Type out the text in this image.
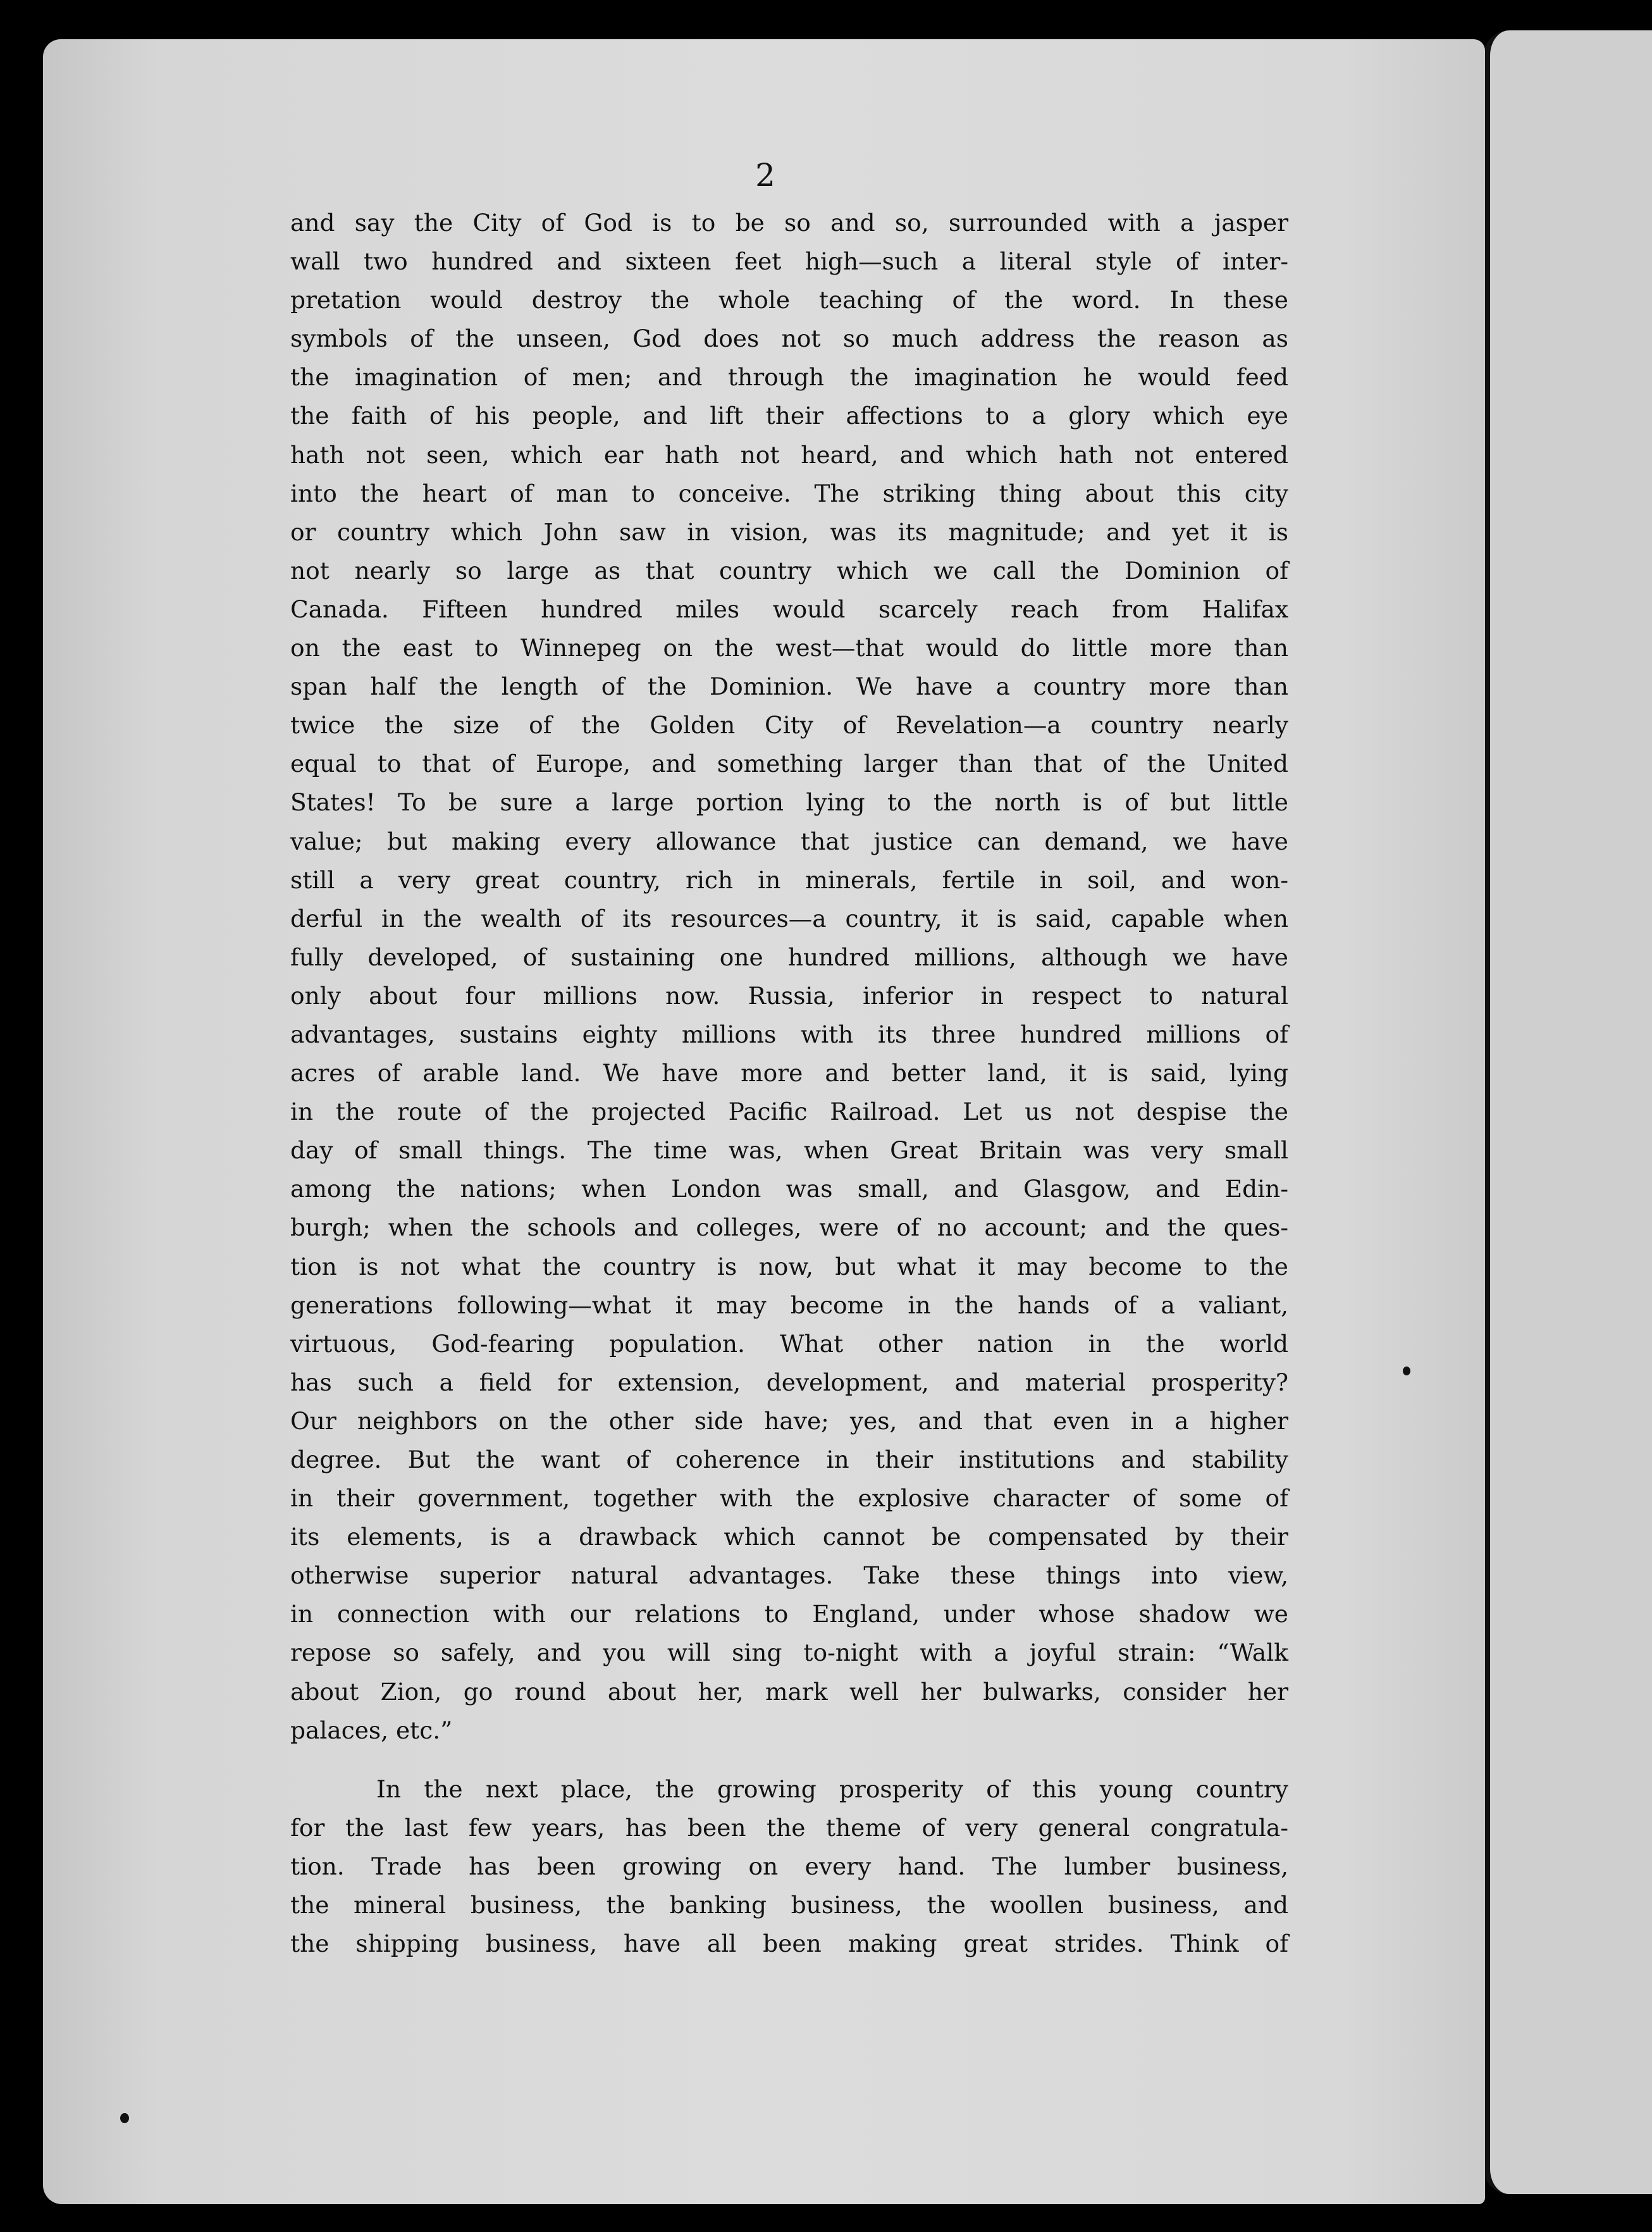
2
and say the City of God is to be so and so, surrounded with a jasper
wall two hundred and sixteen feet high—such a literal style of inter-
pretation would destroy the whole teaching of the word. In these
symbols of the unseen, God does not so much address the reason as
the imagination of men; and through the imagination he would feed
the faith of his people, and lift their affections to a glory which eye
hath not seen, which ear hath not heard, and which hath not entered
into the heart of man to conceive. The striking thing about this city
or country which John saw in vision, was its magnitude; and yet it is
not nearly so large as that country which we call the Dominion of
Canada. Fifteen hundred miles would scarcely reach from Halifax
on the east to Winnepeg on the west—that would do little more than
span half the length of the Dominion. We have a country more than
twice the size of the Golden City of Revelation—a country nearly
equal to that of Europe, and something larger than that of the United
States! To be sure a large portion lying to the north is of but little
value; but making every allowance that justice can demand, we have
still a very great country, rich in minerals, fertile in soil, and won-
derful in the wealth of its resources—a country, it is said, capable when
fully developed, of sustaining one hundred millions, although we have
only about four millions now. Russia, inferior in respect to natural
advantages, sustains eighty millions with its three hundred millions of
acres of arable land. We have more and better land, it is said, lying
in the route of the projected Pacific Railroad. Let us not despise the
day of small things. The time was, when Great Britain was very small
among the nations; when London was small, and Glasgow, and Edin-
burgh; when the schools and colleges, were of no account; and the ques-
tion is not what the country is now, but what it may become to the
generations following—what it may become in the hands of a valiant,
virtuous, God-fearing population. What other nation in the world
has such a field for extension, development, and material prosperity?
Our neighbors on the other side have; yes, and that even in a higher
degree. But the want of coherence in their institutions and stability
in their government, together with the explosive character of some of
its elements, is a drawback which cannot be compensated by their
otherwise superior natural advantages. Take these things into view,
in connection with our relations to England, under whose shadow we
repose so safely, and you will sing to-night with a joyful strain: “Walk
about Zion, go round about her, mark well her bulwarks, consider her
palaces, etc.”
In the next place, the growing prosperity of this young country
for the last few years, has been the theme of very general congratula-
tion. Trade has been growing on every hand. The lumber business,
the mineral business, the banking business, the woollen business, and
the shipping business, have all been making great strides. Think of
